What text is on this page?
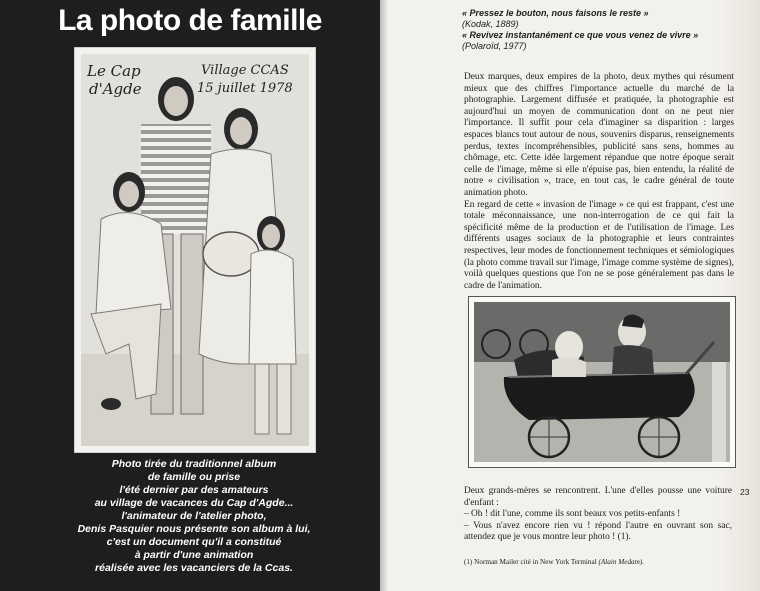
La photo de famille
Le Cap
d'Agde
Village CCAS
15 juillet 1978
Photo tirée du traditionnel album
de famille ou prise
l'été dernier par des amateurs
au village de vacances du Cap d'Agde...
l'animateur de l'atelier photo,
Denis Pasquier nous présente son album à lui,
c'est un document qu'il a constitué
à partir d'une animation
réalisée avec les vacanciers de la Ccas.
« Pressez le bouton, nous faisons le reste »
(Kodak, 1889)
« Revivez instantanément ce que vous venez de vivre »
(Polaroïd, 1977)

Deux marques, deux empires de la photo, deux mythes qui résument mieux que des chiffres l'importance actuelle du marché de la photographie. Largement diffusée et pratiquée, la photographie est aujourd'hui un moyen de communication dont on ne peut nier l'importance. Il suffit pour cela d'imaginer sa disparition : larges espaces blancs tout autour de nous, souvenirs disparus, renseignements perdus, textes incompréhensibles, publicité sans sens, hommes au chômage, etc. Cette idée largement répandue que notre époque serait celle de l'image, même si elle n'épuise pas, bien entendu, la réalité de notre « civilisation », trace, en tout cas, le cadre général de toute animation photo.

En regard de cette « invasion de l'image » ce qui est frappant, c'est une totale méconnaissance, une non-interrogation de ce qui fait la spécificité même de la production et de l'utilisation de l'image. Les différents usages sociaux de la photographie et leurs contraintes respectives, leur modes de fonctionnement techniques et sémiologiques (la photo comme travail sur l'image, l'image comme système de signes), voilà quelques questions que l'on ne se pose généralement pas dans le cadre de l'animation.

Deux grands-mères se rencontrent. L'une d'elles pousse une voiture d'enfant :

– Oh ! dit l'une, comme ils sont beaux vos petits-enfants !

– Vous n'avez encore rien vu ! répond l'autre en ouvrant son sac, attendez que je vous montre leur photo ! (1).

23
(1) Norman Mailer cité in New York Terminal (Alain Medam).
